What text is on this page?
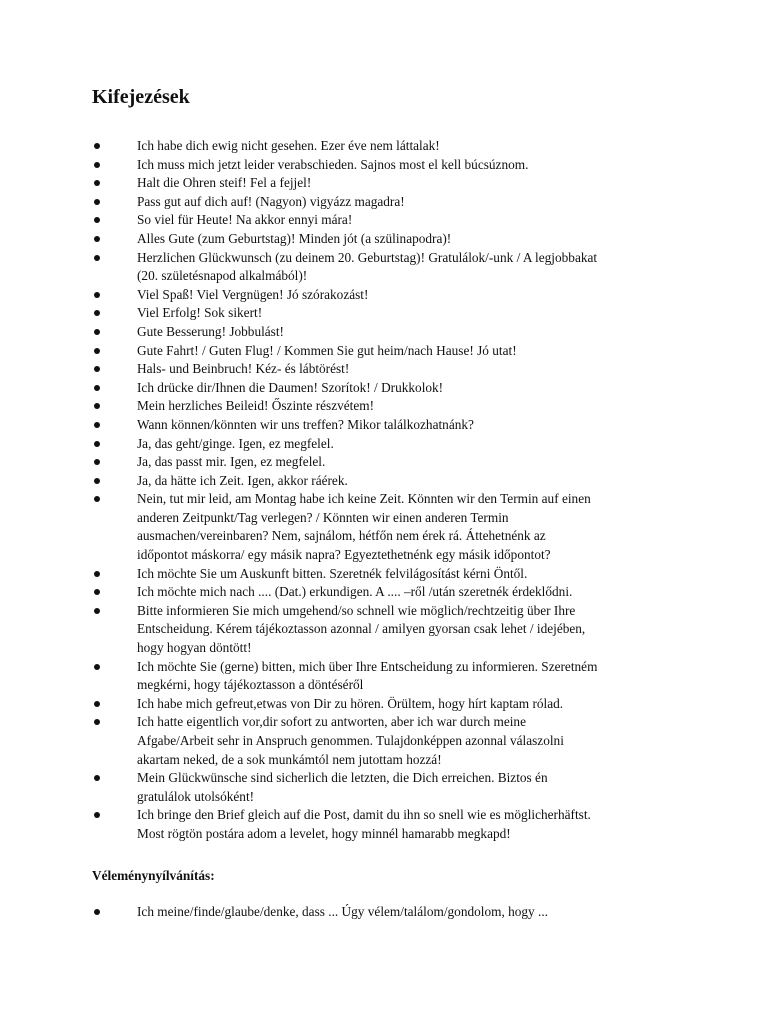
Kifejezések
Ich habe dich ewig nicht gesehen. Ezer éve nem láttalak!
Ich muss mich jetzt leider verabschieden. Sajnos most el kell búcsúznom.
Halt die Ohren steif! Fel a fejjel!
Pass gut auf dich auf! (Nagyon) vigyázz magadra!
So viel für Heute! Na akkor ennyi mára!
Alles Gute (zum Geburtstag)! Minden jót (a szülinapodra)!
Herzlichen Glückwunsch (zu deinem 20. Geburtstag)! Gratulálok/-unk / A legjobbakat
(20. születésnapod alkalmából)!
Viel Spaß! Viel Vergnügen! Jó szórakozást!
Viel Erfolg! Sok sikert!
Gute Besserung! Jobbulást!
Gute Fahrt! / Guten Flug! / Kommen Sie gut heim/nach Hause! Jó utat!
Hals- und Beinbruch! Kéz- és lábtörést!
Ich drücke dir/Ihnen die Daumen! Szorítok! / Drukkolok!
Mein herzliches Beileid! Őszinte részvétem!
Wann können/könnten wir uns treffen? Mikor találkozhatnánk?
Ja, das geht/ginge. Igen, ez megfelel.
Ja, das passt mir. Igen, ez megfelel.
Ja, da hätte ich Zeit. Igen, akkor ráérek.
Nein, tut mir leid, am Montag habe ich keine Zeit. Könnten wir den Termin auf einen
anderen Zeitpunkt/Tag verlegen? / Könnten wir einen anderen Termin
ausmachen/vereinbaren? Nem, sajnálom, hétfőn nem érek rá. Áttehetnénk az
időpontot máskorra/ egy másik napra? Egyeztethetnénk egy másik időpontot?
Ich möchte Sie um Auskunft bitten. Szeretnék felvilágosítást kérni Öntől.
Ich möchte mich nach .... (Dat.) erkundigen. A .... –ről /után szeretnék érdeklődni.
Bitte informieren Sie mich umgehend/so schnell wie möglich/rechtzeitig über Ihre
Entscheidung. Kérem tájékoztasson azonnal / amilyen gyorsan csak lehet / idejében,
hogy hogyan döntött!
Ich möchte Sie (gerne) bitten, mich über Ihre Entscheidung zu informieren. Szeretném
megkérni, hogy tájékoztasson a döntéséről
Ich habe mich gefreut,etwas von Dir zu hören. Örültem, hogy hírt kaptam rólad.
Ich hatte eigentlich vor,dir sofort zu antworten, aber ich war durch meine
Afgabe/Arbeit sehr in Anspruch genommen. Tulajdonképpen azonnal válaszolni
akartam neked, de a sok munkámtól nem jutottam hozzá!
Mein Glückwünsche sind sicherlich die letzten, die Dich erreichen. Biztos én
gratulálok utolsóként!
Ich bringe den Brief gleich auf die Post, damit du ihn so snell wie es möglicherhäftst.
Most rögtön postára adom a levelet, hogy minnél hamarabb megkapd!
Véleménynyílvánítás:
Ich meine/finde/glaube/denke, dass ... Úgy vélem/találom/gondolom, hogy ...
